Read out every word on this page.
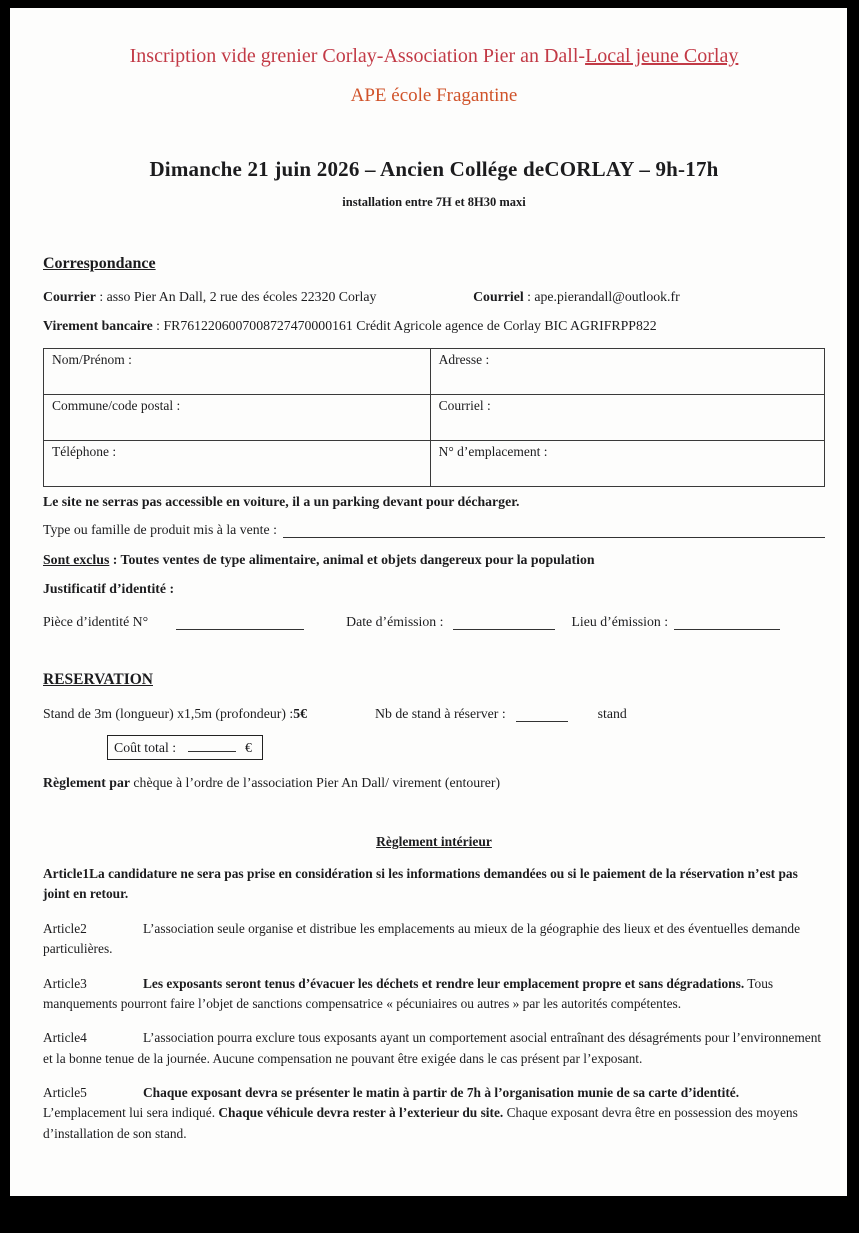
Inscription vide grenier Corlay-Association Pier an Dall-Local jeune Corlay
APE école Fragantine
Dimanche 21 juin 2026 – Ancien Collége deCORLAY – 9h-17h
installation entre 7H et 8H30 maxi
Correspondance
Courrier : asso Pier An Dall, 2 rue des écoles 22320 Corlay	Courriel : ape.pierandall@outlook.fr
Virement bancaire : FR7612206007008727470000161 Crédit Agricole agence de Corlay BIC AGRIFRPP822
Nom/Prénom :	Adresse :
Commune/code postal :	Courriel :
Téléphone :	N° d’emplacement :
Le site ne serras pas accessible en voiture, il a un parking devant pour décharger.
Type ou famille de produit mis à la vente :
Sont exclus : Toutes ventes de type alimentaire, animal et objets dangereux pour la population
Justificatif d’identité :
Pièce d’identité N°	Date d’émission :	Lieu d’émission :
RESERVATION
Stand de 3m (longueur) x1,5m (profondeur) : 5€	Nb de stand à réserver :	stand
Coût total :	€
Règlement par chèque à l’ordre de l’association Pier An Dall/ virement (entourer)
Règlement intérieur

Article1La candidature ne sera pas prise en considération si les informations demandées ou si le paiement de la réservation n’est pas joint en retour.

Article2	L’association seule organise et distribue les emplacements au mieux de la géographie des lieux et des éventuelles demande particulières.

Article3	Les exposants seront tenus d’évacuer les déchets et rendre leur emplacement propre et sans dégradations. Tous manquements pourront faire l’objet de sanctions compensatrice « pécuniaires ou autres » par les autorités compétentes.

Article4	L’association pourra exclure tous exposants ayant un comportement asocial entraînant des désagréments pour l’environnement et la bonne tenue de la journée. Aucune compensation ne pouvant être exigée dans le cas présent par l’exposant.

Article5	Chaque exposant devra se présenter le matin à partir de 7h à l’organisation munie de sa carte d’identité. L’emplacement lui sera indiqué. Chaque véhicule devra rester à l’exterieur du site. Chaque exposant devra être en possession des moyens d’installation de son stand.
